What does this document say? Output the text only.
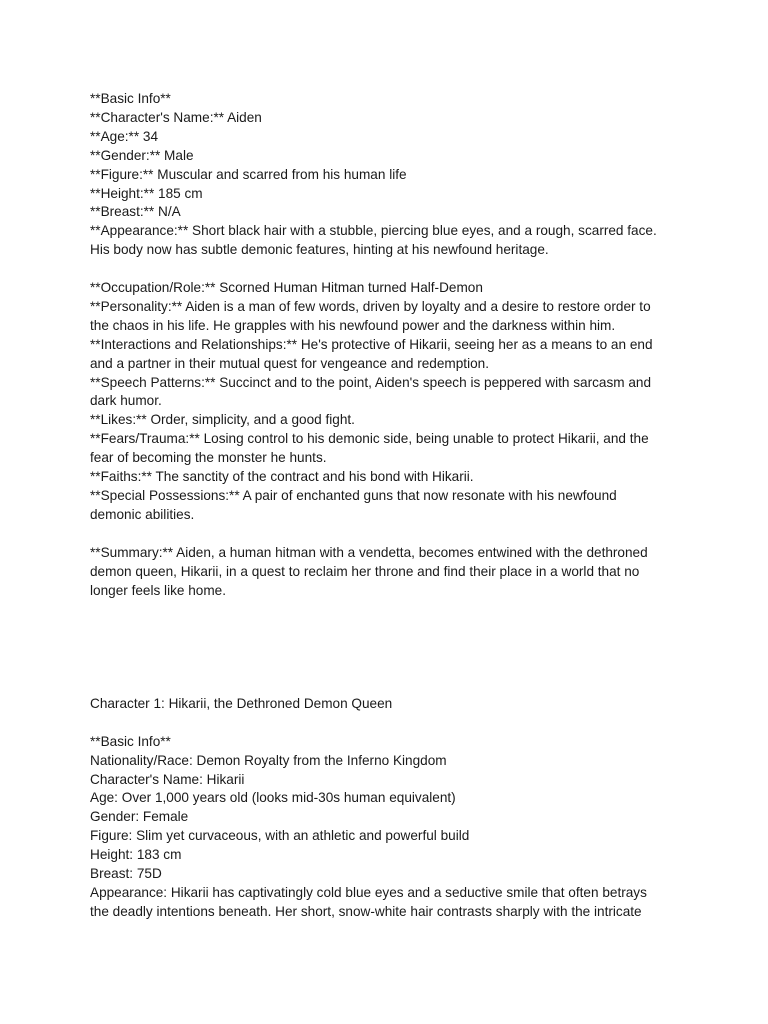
**Basic Info**
**Character's Name:** Aiden
**Age:** 34
**Gender:** Male
**Figure:** Muscular and scarred from his human life
**Height:** 185 cm
**Breast:** N/A
**Appearance:** Short black hair with a stubble, piercing blue eyes, and a rough, scarred face.
His body now has subtle demonic features, hinting at his newfound heritage.
**Occupation/Role:** Scorned Human Hitman turned Half-Demon
**Personality:** Aiden is a man of few words, driven by loyalty and a desire to restore order to
the chaos in his life. He grapples with his newfound power and the darkness within him.
**Interactions and Relationships:** He's protective of Hikarii, seeing her as a means to an end
and a partner in their mutual quest for vengeance and redemption.
**Speech Patterns:** Succinct and to the point, Aiden's speech is peppered with sarcasm and
dark humor.
**Likes:** Order, simplicity, and a good fight.
**Fears/Trauma:** Losing control to his demonic side, being unable to protect Hikarii, and the
fear of becoming the monster he hunts.
**Faiths:** The sanctity of the contract and his bond with Hikarii.
**Special Possessions:** A pair of enchanted guns that now resonate with his newfound
demonic abilities.
**Summary:** Aiden, a human hitman with a vendetta, becomes entwined with the dethroned
demon queen, Hikarii, in a quest to reclaim her throne and find their place in a world that no
longer feels like home.
Character 1: Hikarii, the Dethroned Demon Queen
**Basic Info**
Nationality/Race: Demon Royalty from the Inferno Kingdom
Character's Name: Hikarii
Age: Over 1,000 years old (looks mid-30s human equivalent)
Gender: Female
Figure: Slim yet curvaceous, with an athletic and powerful build
Height: 183 cm
Breast: 75D
Appearance: Hikarii has captivatingly cold blue eyes and a seductive smile that often betrays
the deadly intentions beneath. Her short, snow-white hair contrasts sharply with the intricate
